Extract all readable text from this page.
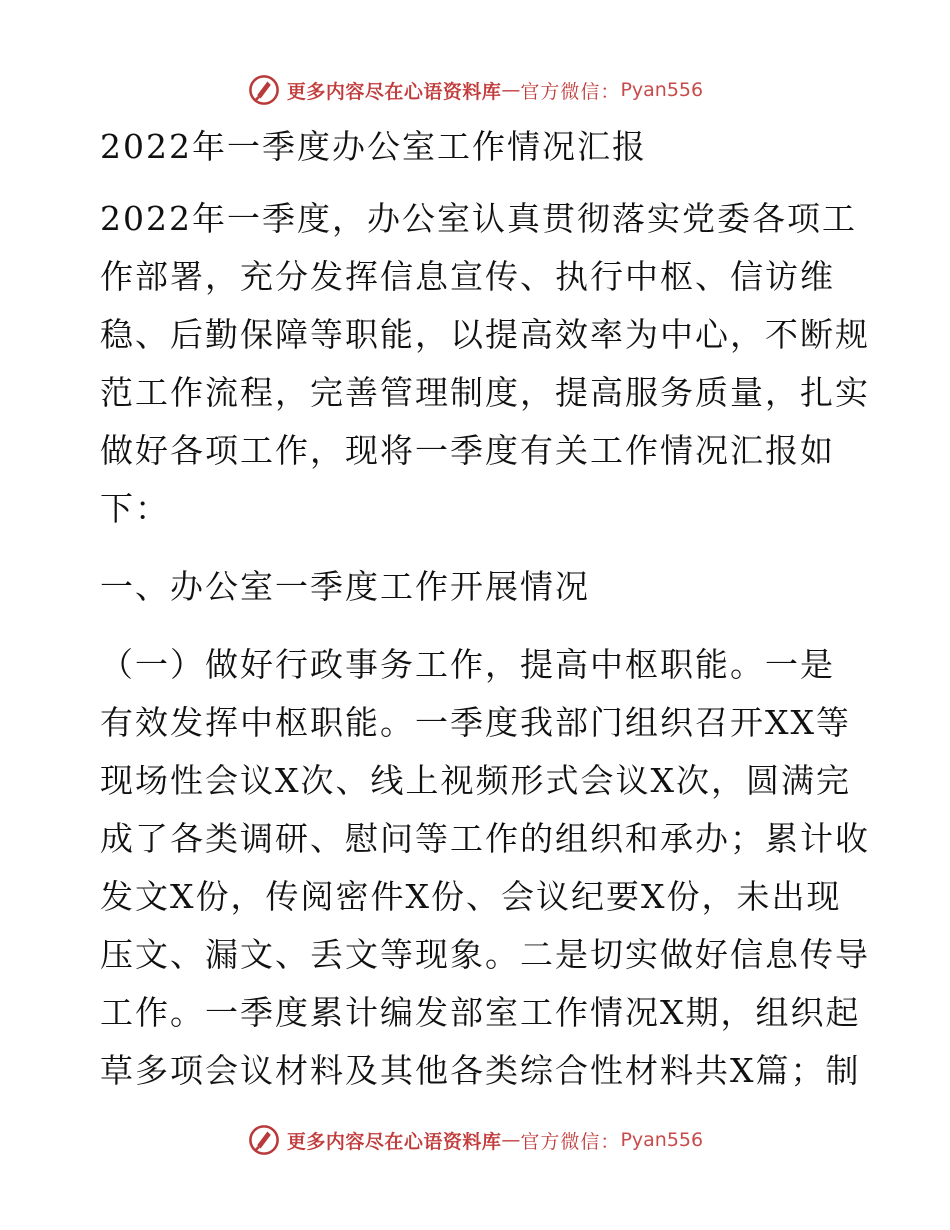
更多内容尽在心语资料库 — 官方微信： Pyan556
2022年一季度办公室工作情况汇报
2022年一季度，办公室认真贯彻落实党委各项工
作部署，充分发挥信息宣传、执行中枢、信访维
稳、后勤保障等职能，以提高效率为中心，不断规
范工作流程，完善管理制度，提高服务质量，扎实
做好各项工作，现将一季度有关工作情况汇报如
下：
一、办公室一季度工作开展情况
（一）做好行政事务工作，提高中枢职能。一是
有效发挥中枢职能。一季度我部门组织召开XX等
现场性会议X次、线上视频形式会议X次，圆满完
成了各类调研、慰问等工作的组织和承办；累计收
发文X份，传阅密件X份、会议纪要X份，未出现
压文、漏文、丢文等现象。二是切实做好信息传导
工作。一季度累计编发部室工作情况X期，组织起
草多项会议材料及其他各类综合性材料共X篇；制
更多内容尽在心语资料库 — 官方微信： Pyan556
